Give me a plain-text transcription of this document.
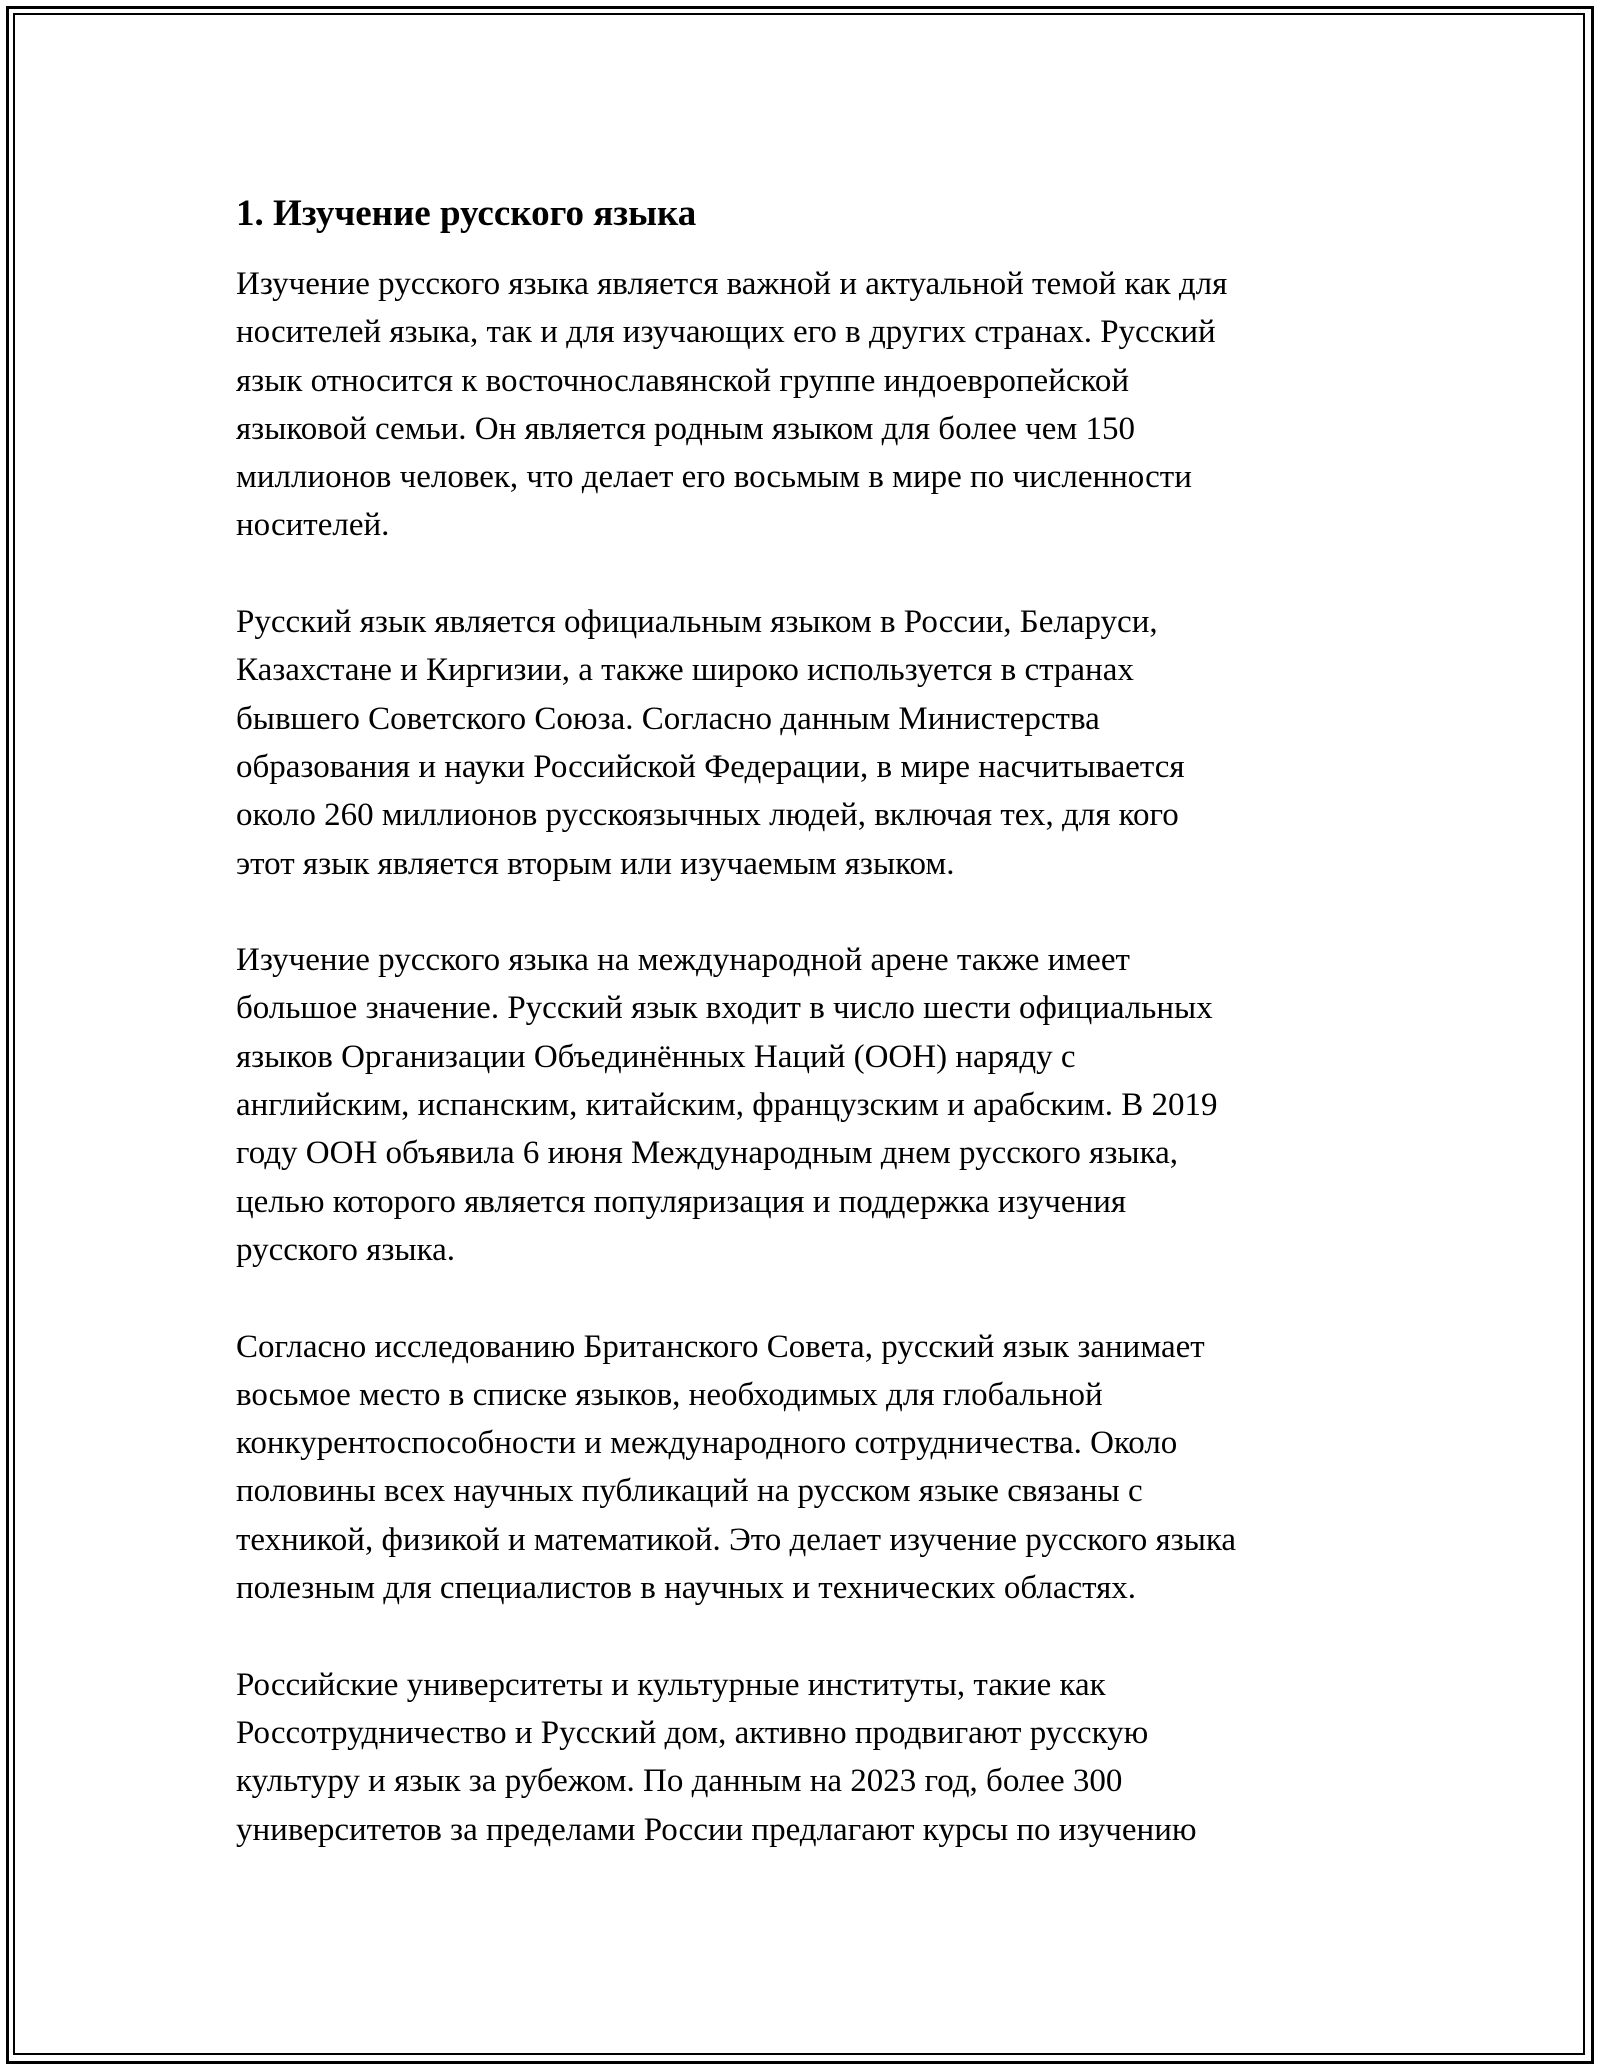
1. Изучение русского языка

Изучение русского языка является важной и актуальной темой как для
носителей языка, так и для изучающих его в других странах. Русский
язык относится к восточнославянской группе индоевропейской
языковой семьи. Он является родным языком для более чем 150
миллионов человек, что делает его восьмым в мире по численности
носителей.

Русский язык является официальным языком в России, Беларуси,
Казахстане и Киргизии, а также широко используется в странах
бывшего Советского Союза. Согласно данным Министерства
образования и науки Российской Федерации, в мире насчитывается
около 260 миллионов русскоязычных людей, включая тех, для кого
этот язык является вторым или изучаемым языком.

Изучение русского языка на международной арене также имеет
большое значение. Русский язык входит в число шести официальных
языков Организации Объединённых Наций (ООН) наряду с
английским, испанским, китайским, французским и арабским. В 2019
году ООН объявила 6 июня Международным днем русского языка,
целью которого является популяризация и поддержка изучения
русского языка.

Согласно исследованию Британского Совета, русский язык занимает
восьмое место в списке языков, необходимых для глобальной
конкурентоспособности и международного сотрудничества. Около
половины всех научных публикаций на русском языке связаны с
техникой, физикой и математикой. Это делает изучение русского языка
полезным для специалистов в научных и технических областях.

Российские университеты и культурные институты, такие как
Россотрудничество и Русский дом, активно продвигают русскую
культуру и язык за рубежом. По данным на 2023 год, более 300
университетов за пределами России предлагают курсы по изучению
